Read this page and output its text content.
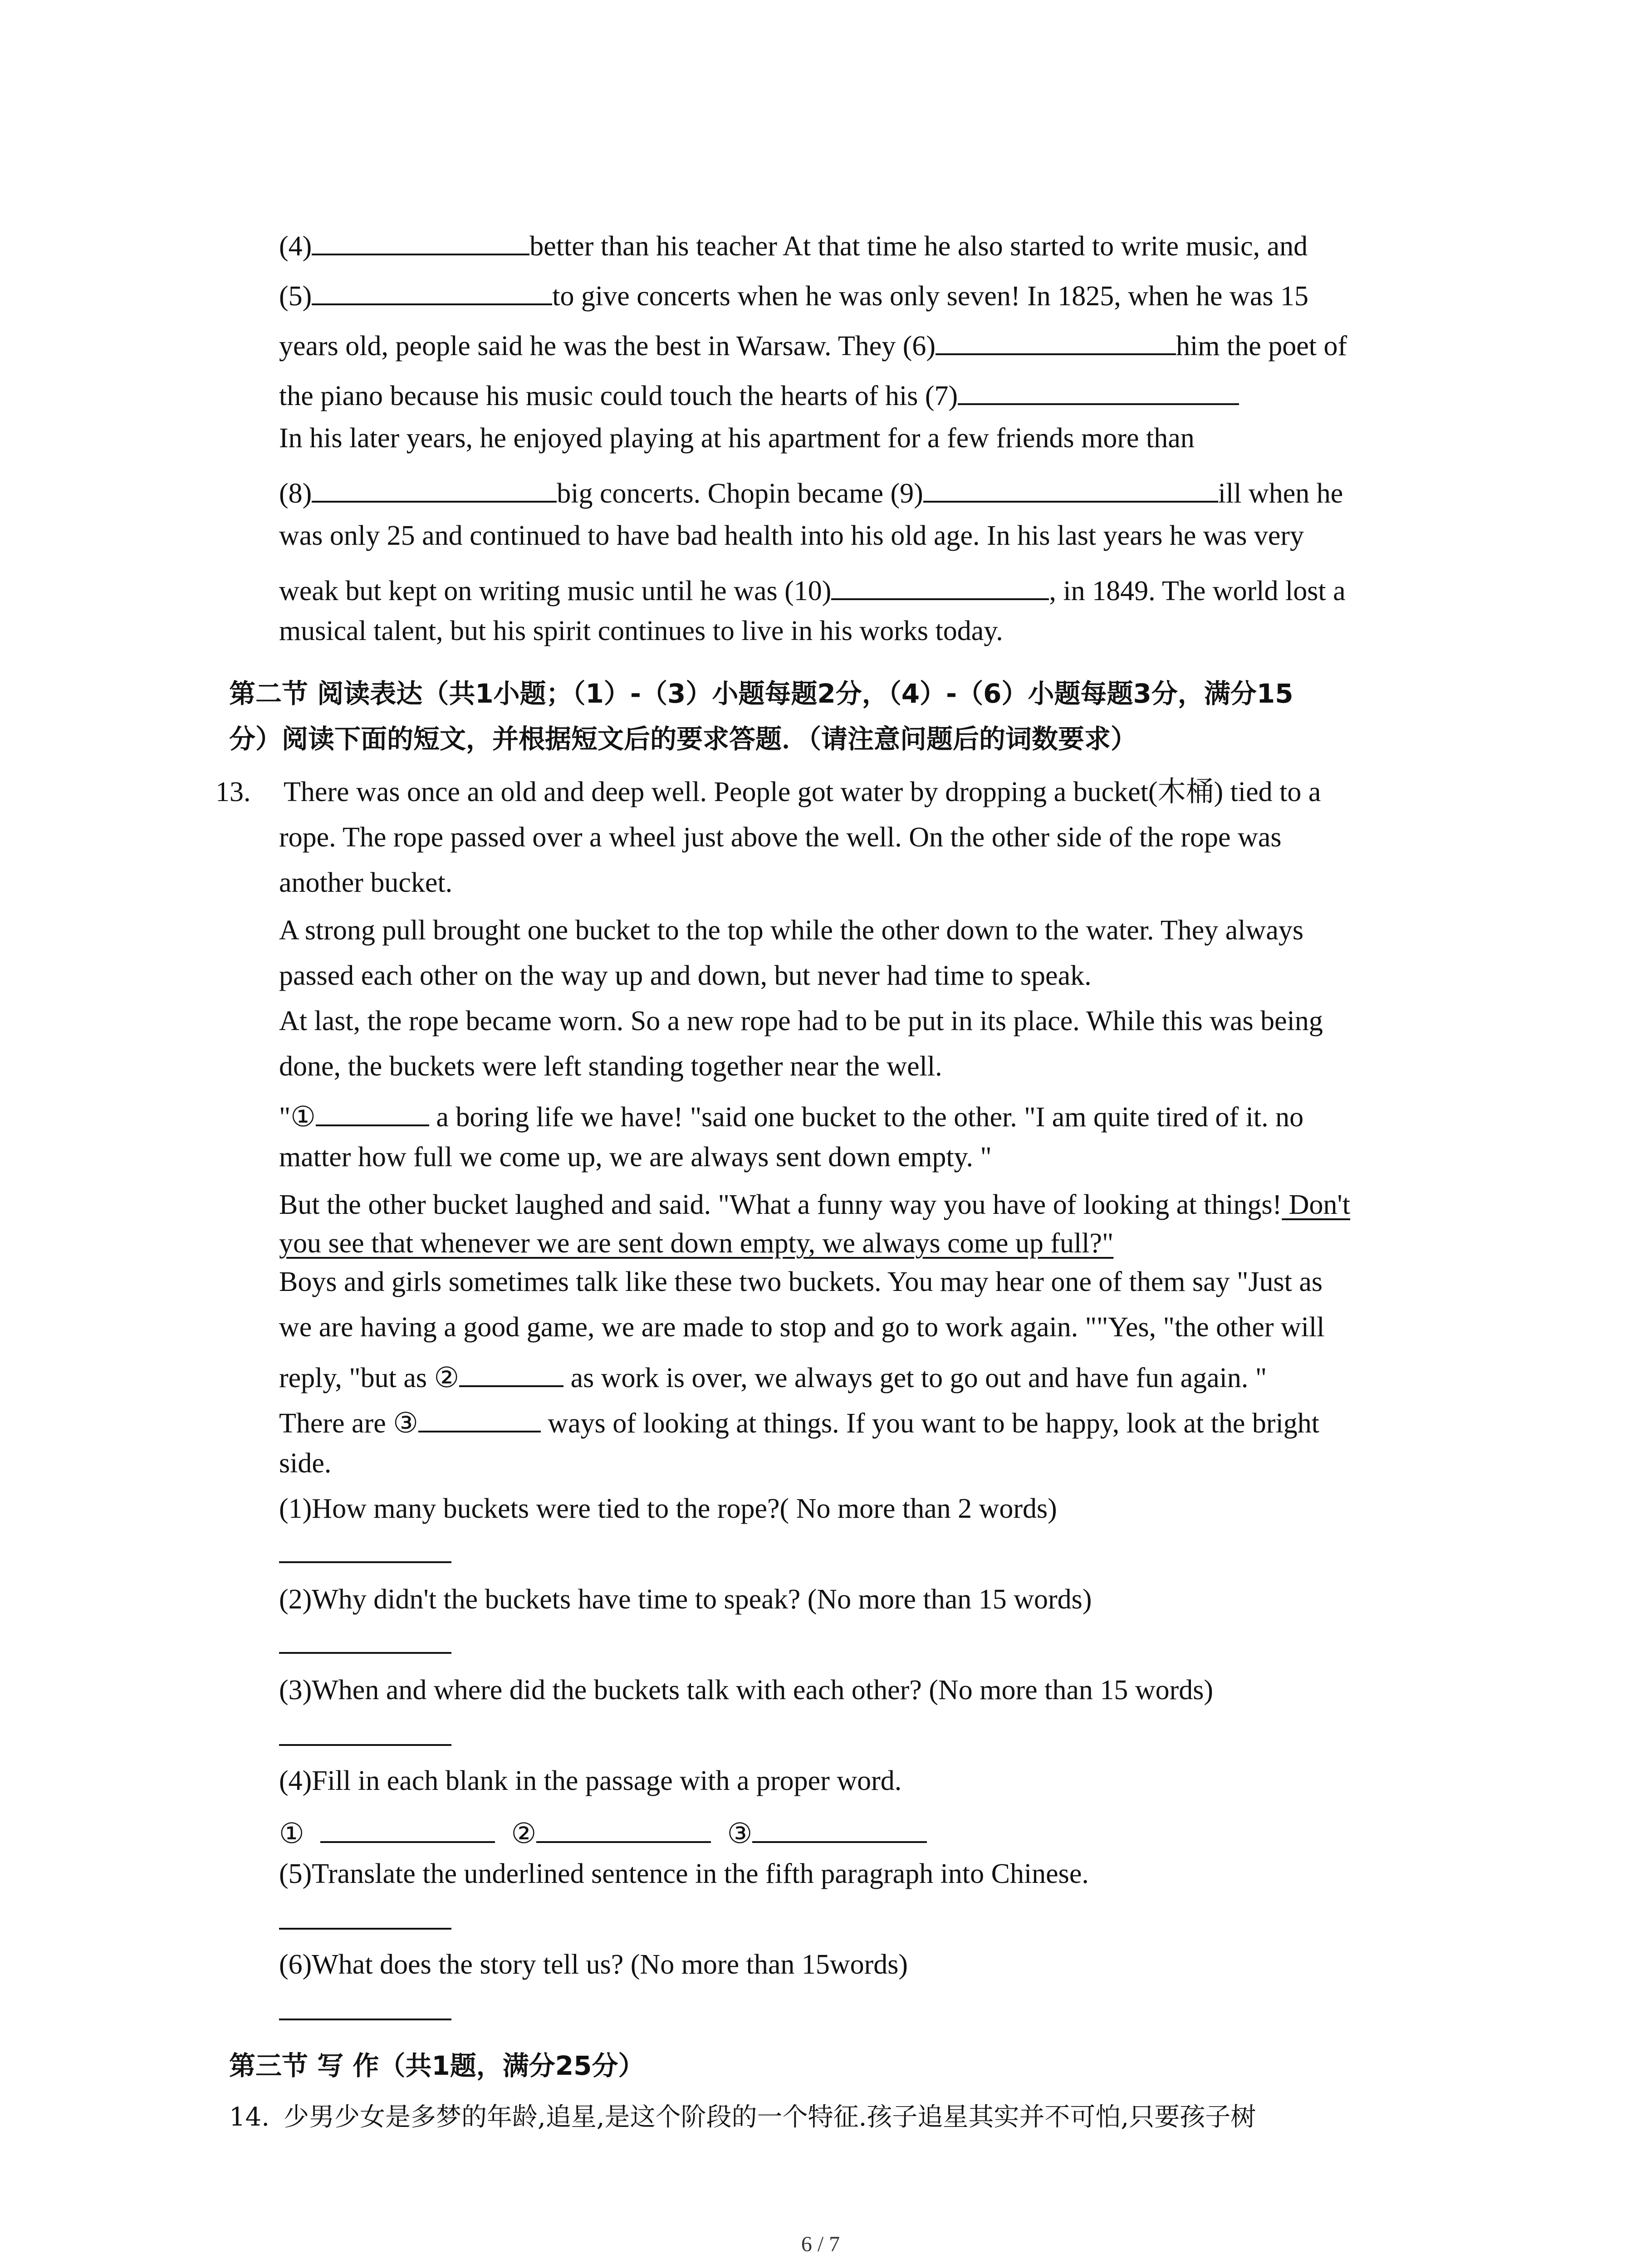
(4)	better than his teacher At that time he also started to write music, and
(5)	to give concerts when he was only seven! In 1825, when he was 15
years old, people said he was the best in Warsaw. They (6)	him the poet of
the piano because his music could touch the hearts of his (7)
In his later years, he enjoyed playing at his apartment for a few friends more than
(8)	big concerts. Chopin became (9)	ill when he
was only 25 and continued to have bad health into his old age. In his last years he was very
weak but kept on writing music until he was (10)	, in 1849. The world lost a
musical talent, but his spirit continues to live in his works today.
第二节 阅读表达（共1小题；（1）-（3）小题每题2分，（4）-（6）小题每题3分，满分15
分）阅读下面的短文，并根据短文后的要求答题．（请注意问题后的词数要求）
13. There was once an old and deep well. People got water by dropping a bucket(木桶) tied to a
rope. The rope passed over a wheel just above the well. On the other side of the rope was
another bucket.
A strong pull brought one bucket to the top while the other down to the water. They always
passed each other on the way up and down, but never had time to speak.
At last, the rope became worn. So a new rope had to be put in its place. While this was being
done, the buckets were left standing together near the well.
"①	a boring life we have! "said one bucket to the other. "I am quite tired of it. no
matter how full we come up, we are always sent down empty. "
But the other bucket laughed and said. "What a funny way you have of looking at things! Don't
you see that whenever we are sent down empty, we always come up full?"
Boys and girls sometimes talk like these two buckets. You may hear one of them say "Just as
we are having a good game, we are made to stop and go to work again. ""Yes, "the other will
reply, "but as ②	as work is over, we always get to go out and have fun again. "
There are ③	ways of looking at things. If you want to be happy, look at the bright
side.
(1)How many buckets were tied to the rope?( No more than 2 words)
(2)Why didn't the buckets have time to speak? (No more than 15 words)
(3)When and where did the buckets talk with each other? (No more than 15 words)
(4)Fill in each blank in the passage with a proper word.
①	②	③
(5)Translate the underlined sentence in the fifth paragraph into Chinese.
(6)What does the story tell us? (No more than 15words)
第三节 写 作（共1题，满分25分）
14. 少男少女是多梦的年龄,追星,是这个阶段的一个特征.孩子追星其实并不可怕,只要孩子树
6 / 7
